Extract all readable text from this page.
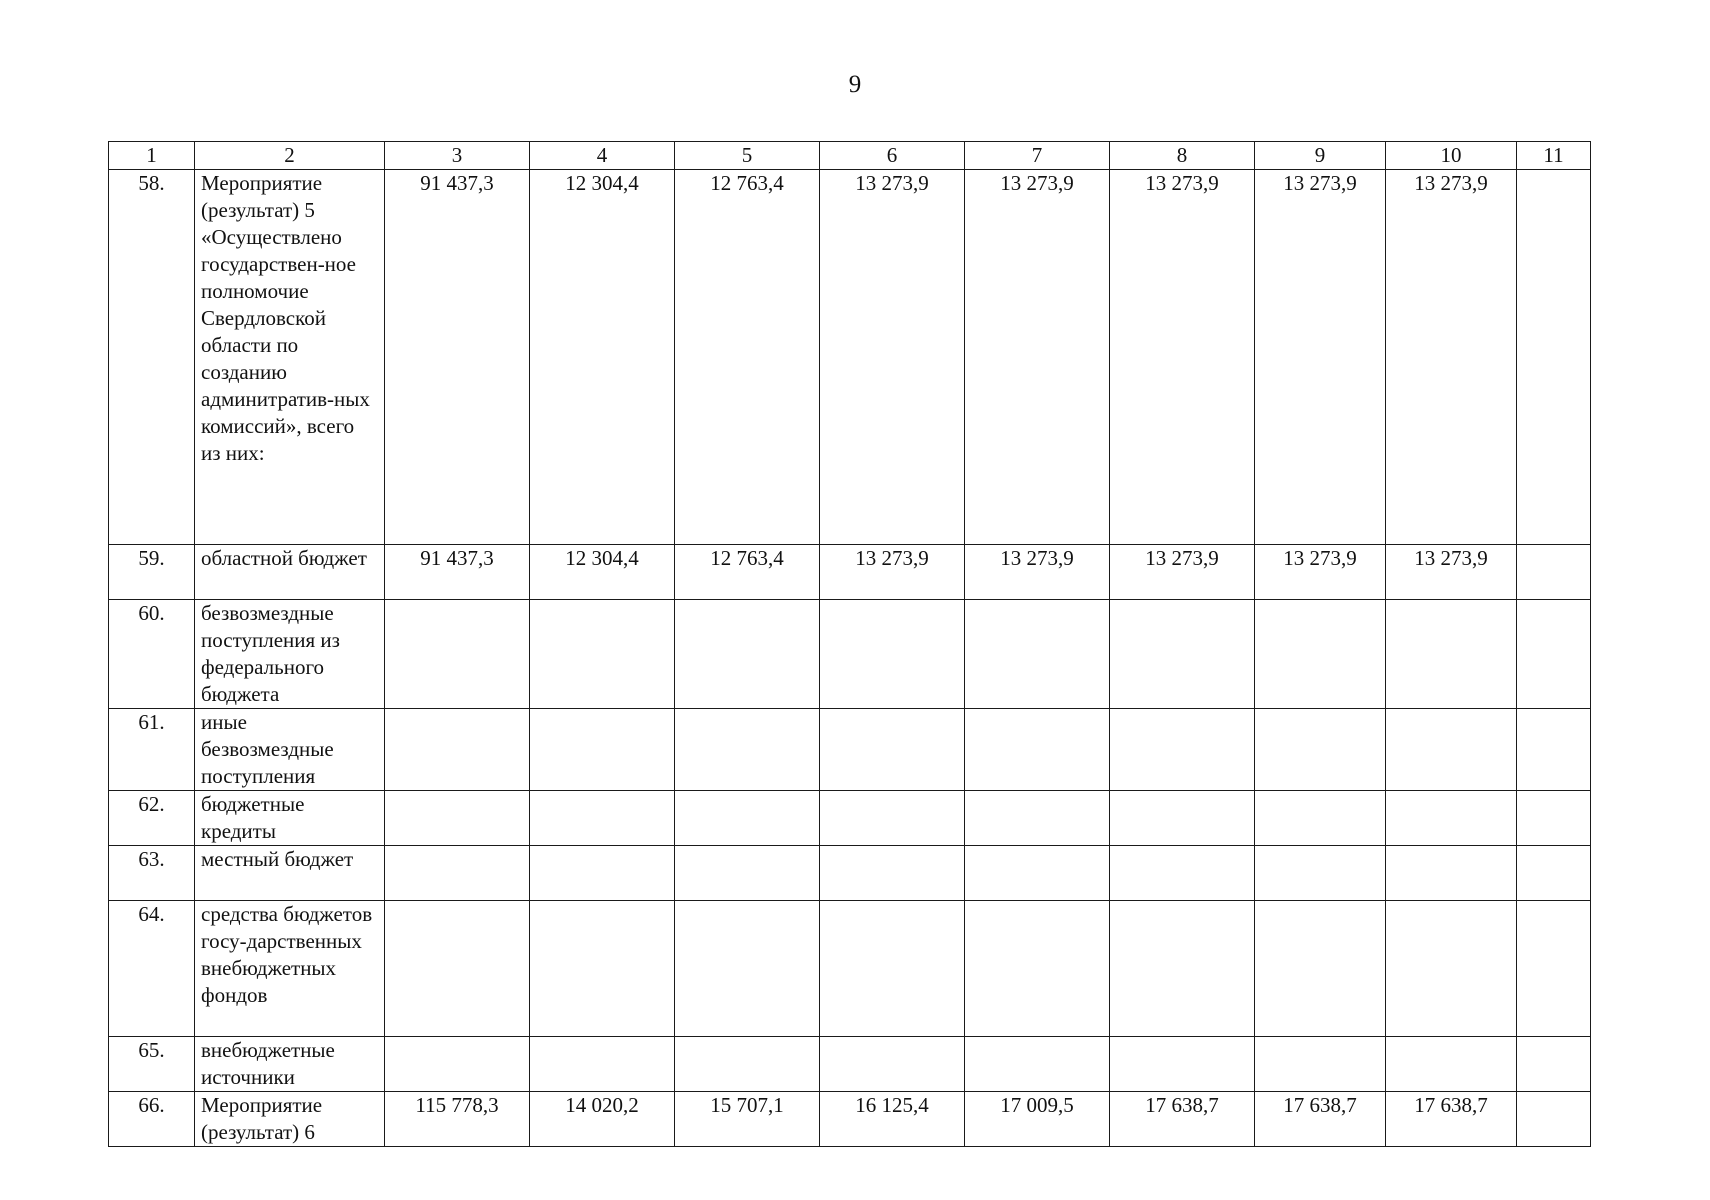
9
1	2	3	4	5	6	7	8	9	10	11
58.	Мероприятие (результат) 5 «Осуществлено государствен-ное полномочие Свердловской области по созданию админитратив-ных комиссий», всего из них:	91 437,3	12 304,4	12 763,4	13 273,9	13 273,9	13 273,9	13 273,9	13 273,9	
59.	областной бюджет	91 437,3	12 304,4	12 763,4	13 273,9	13 273,9	13 273,9	13 273,9	13 273,9	
60.	безвозмездные поступления из федерального бюджета									
61.	иные безвозмездные поступления									
62.	бюджетные кредиты									
63.	местный бюджет									
64.	средства бюджетов госу-дарственных внебюджетных фондов									
65.	внебюджетные источники									
66.	Мероприятие (результат) 6	115 778,3	14 020,2	15 707,1	16 125,4	17 009,5	17 638,7	17 638,7	17 638,7	
